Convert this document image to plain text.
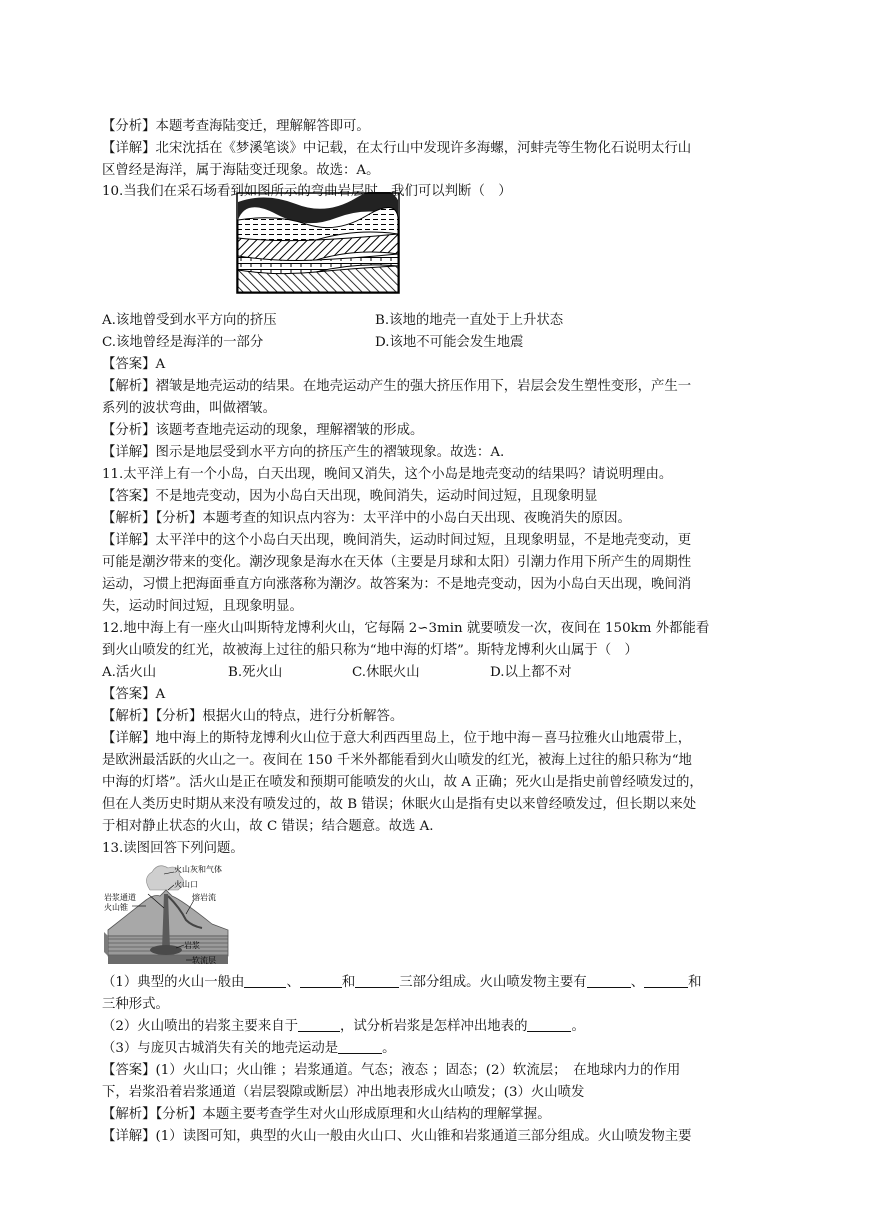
【分析】本题考查海陆变迁，理解解答即可。
【详解】北宋沈括在《梦溪笔谈》中记载，在太行山中发现许多海螺，河蚌壳等生物化石说明太行山
区曾经是海洋，属于海陆变迁现象。故选：A。
10.当我们在采石场看到如图所示的弯曲岩层时，我们可以判断（　）
A.该地曾受到水平方向的挤压	B.该地的地壳一直处于上升状态
C.该地曾经是海洋的一部分	D.该地不可能会发生地震
【答案】A
【解析】褶皱是地壳运动的结果。在地壳运动产生的强大挤压作用下，岩层会发生塑性变形，产生一
系列的波状弯曲，叫做褶皱。
【分析】该题考查地壳运动的现象，理解褶皱的形成。
【详解】图示是地层受到水平方向的挤压产生的褶皱现象。故选：A.
11.太平洋上有一个小岛，白天出现，晚间又消失，这个小岛是地壳变动的结果吗？请说明理由。
【答案】不是地壳变动，因为小岛白天出现，晚间消失，运动时间过短，且现象明显
【解析】【分析】本题考查的知识点内容为：太平洋中的小岛白天出现、夜晚消失的原因。
【详解】太平洋中的这个小岛白天出现，晚间消失，运动时间过短，且现象明显，不是地壳变动，更
可能是潮汐带来的变化。潮汐现象是海水在天体（主要是月球和太阳）引潮力作用下所产生的周期性
运动，习惯上把海面垂直方向涨落称为潮汐。故答案为：不是地壳变动，因为小岛白天出现，晚间消
失，运动时间过短，且现象明显。
12.地中海上有一座火山叫斯特龙博利火山，它每隔 2∽3min 就要喷发一次，夜间在 150km 外都能看
到火山喷发的红光，故被海上过往的船只称为“地中海的灯塔”。斯特龙博利火山属于（　）
A.活火山	B.死火山	C.休眠火山	D.以上都不对
【答案】A
【解析】【分析】根据火山的特点，进行分析解答。
【详解】地中海上的斯特龙博利火山位于意大利西西里岛上，位于地中海－喜马拉雅火山地震带上，
是欧洲最活跃的火山之一。夜间在 150 千米外都能看到火山喷发的红光，被海上过往的船只称为“地
中海的灯塔”。活火山是正在喷发和预期可能喷发的火山，故 A 正确；死火山是指史前曾经喷发过的，
但在人类历史时期从来没有喷发过的，故 B 错误；休眠火山是指有史以来曾经喷发过，但长期以来处
于相对静止状态的火山，故 C 错误；结合题意。故选 A.
13.读图回答下列问题。
火山灰和气体
火山口
岩浆通道
火山锥
熔岩流
岩浆
软流层
（1）典型的火山一般由	、	和	三部分组成。火山喷发物主要有	、	和
三种形式。
（2）火山喷出的岩浆主要来自于	，试分析岩浆是怎样冲出地表的	。
（3）与庞贝古城消失有关的地壳运动是	。
【答案】(1）火山口；火山锥 ；岩浆通道。气态；液态 ；固态；(2）软流层；　在地球内力的作用
下，岩浆沿着岩浆通道（岩层裂隙或断层）冲出地表形成火山喷发；(3）火山喷发
【解析】【分析】本题主要考查学生对火山形成原理和火山结构的理解掌握。
【详解】(1）读图可知，典型的火山一般由火山口、火山锥和岩浆通道三部分组成。火山喷发物主要
